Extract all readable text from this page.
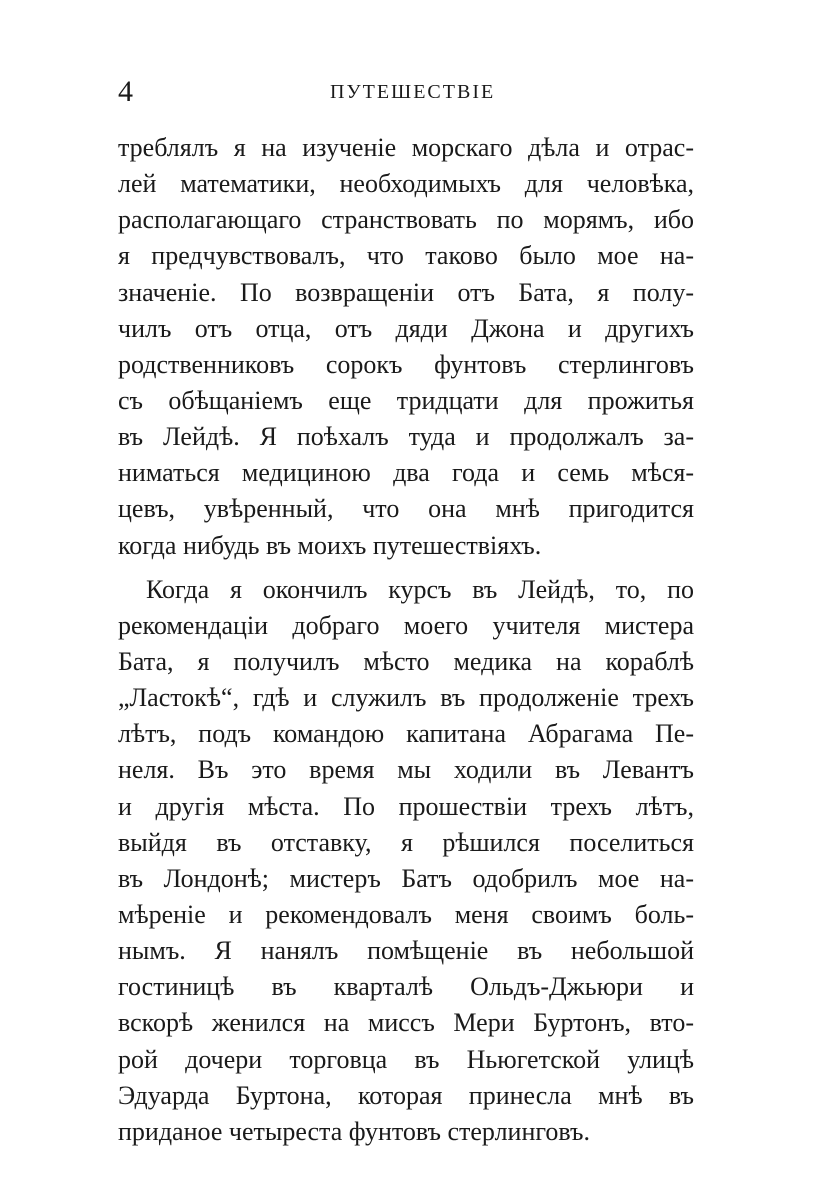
4	ПУТЕШЕСТВІЕ
треблялъ я на изученіе морскаго дѣла и отрас-
лей математики, необходимыхъ для человѣка,
располагающаго странствовать по морямъ, ибо
я предчувствовалъ, что таково было мое на-
значеніе. По возвращеніи отъ Бата, я полу-
чилъ отъ отца, отъ дяди Джона и другихъ
родственниковъ сорокъ фунтовъ стерлинговъ
съ обѣщаніемъ еще тридцати для прожитья
въ Лейдѣ. Я поѣхалъ туда и продолжалъ за-
ниматься медициною два года и семь мѣся-
цевъ, увѣренный, что она мнѣ пригодится
когда нибудь въ моихъ путешествіяхъ.
Когда я окончилъ курсъ въ Лейдѣ, то, по
рекомендаціи добраго моего учителя мистера
Бата, я получилъ мѣсто медика на кораблѣ
„Ластокѣ“, гдѣ и служилъ въ продолженіе трехъ
лѣтъ, подъ командою капитана Абрагама Пе-
неля. Въ это время мы ходили въ Левантъ
и другія мѣста. По прошествіи трехъ лѣтъ,
выйдя въ отставку, я рѣшился поселиться
въ Лондонѣ; мистеръ Батъ одобрилъ мое на-
мѣреніе и рекомендовалъ меня своимъ боль-
нымъ. Я нанялъ помѣщеніе въ небольшой
гостиницѣ въ кварталѣ Ольдъ-Джьюри и
вскорѣ женился на миссъ Мери Буртонъ, вто-
рой дочери торговца въ Ньюгетской улицѣ
Эдуарда Буртона, которая принесла мнѣ въ
приданое четыреста фунтовъ стерлинговъ.
